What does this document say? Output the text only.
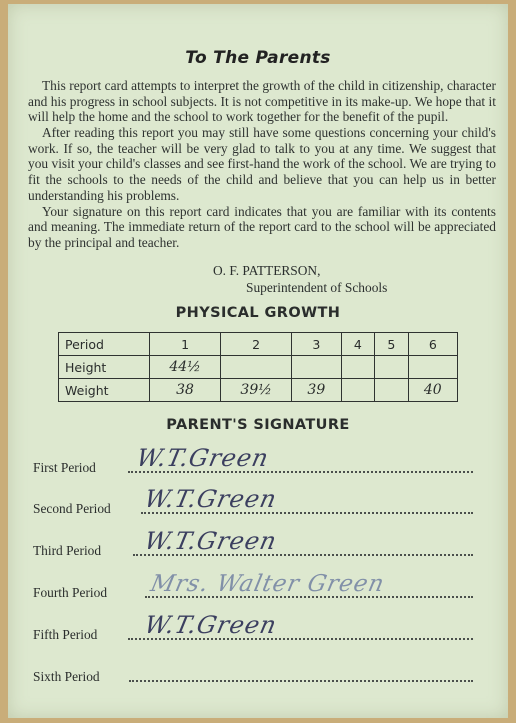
To The Parents

This report card attempts to interpret the growth of the child in citizenship, character and his progress in school subjects. It is not competitive in its make-up. We hope that it will help the home and the school to work together for the benefit of the pupil.

After reading this report you may still have some questions concerning your child's work. If so, the teacher will be very glad to talk to you at any time. We suggest that you visit your child's classes and see first-hand the work of the school. We are trying to fit the schools to the needs of the child and believe that you can help us in better understanding his problems.

Your signature on this report card indicates that you are familiar with its contents and meaning. The immediate return of the report card to the school will be appreciated by the principal and teacher.

O. F. PATTERSON,
Superintendent of Schools
PHYSICAL GROWTH
Period	1	2	3	4	5	6
Height	44½					
Weight	38	39½	39			40
PARENT'S SIGNATURE
First Period W.T.Green
Second Period W.T.Green
Third Period W.T.Green
Fourth Period Mrs. Walter Green
Fifth Period W.T.Green
Sixth Period
